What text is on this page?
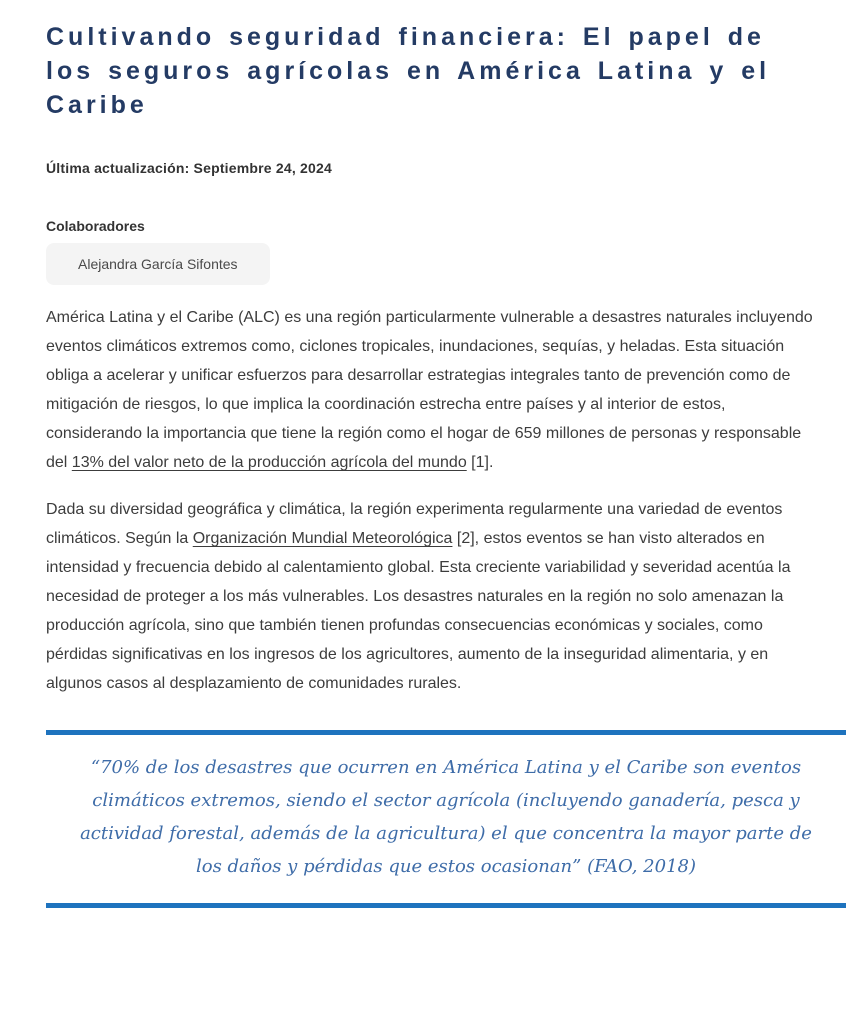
Cultivando seguridad financiera: El papel de los seguros agrícolas en América Latina y el Caribe

Última actualización: Septiembre 24, 2024

Colaboradores
Alejandra García Sifontes

América Latina y el Caribe (ALC) es una región particularmente vulnerable a desastres naturales incluyendo eventos climáticos extremos como, ciclones tropicales, inundaciones, sequías, y heladas. Esta situación obliga a acelerar y unificar esfuerzos para desarrollar estrategias integrales tanto de prevención como de mitigación de riesgos, lo que implica la coordinación estrecha entre países y al interior de estos, considerando la importancia que tiene la región como el hogar de 659 millones de personas y responsable del 13% del valor neto de la producción agrícola del mundo [1].

Dada su diversidad geográfica y climática, la región experimenta regularmente una variedad de eventos climáticos. Según la Organización Mundial Meteorológica [2], estos eventos se han visto alterados en intensidad y frecuencia debido al calentamiento global. Esta creciente variabilidad y severidad acentúa la necesidad de proteger a los más vulnerables. Los desastres naturales en la región no solo amenazan la producción agrícola, sino que también tienen profundas consecuencias económicas y sociales, como pérdidas significativas en los ingresos de los agricultores, aumento de la inseguridad alimentaria, y en algunos casos al desplazamiento de comunidades rurales.

“70% de los desastres que ocurren en América Latina y el Caribe son eventos climáticos extremos, siendo el sector agrícola (incluyendo ganadería, pesca y actividad forestal, además de la agricultura) el que concentra la mayor parte de los daños y pérdidas que estos ocasionan” (FAO, 2018)
